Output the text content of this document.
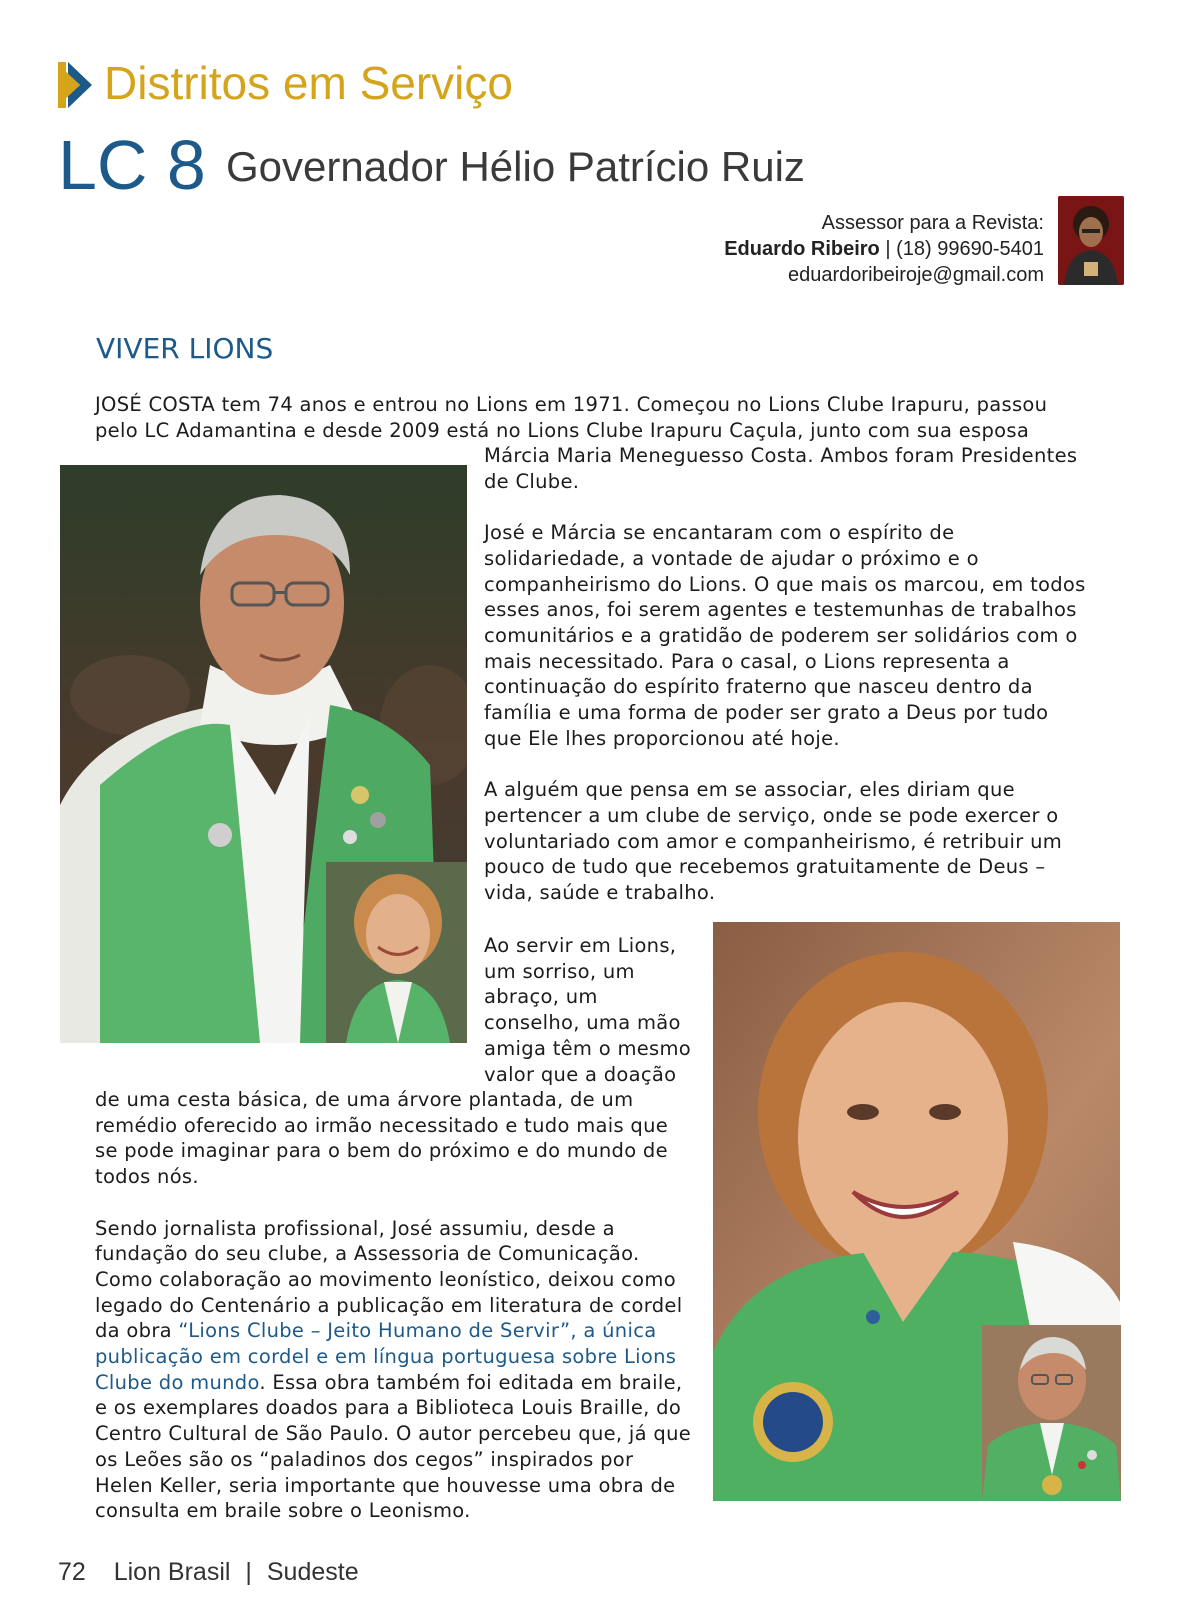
Distritos em Serviço
LC 8 Governador Hélio Patrício Ruiz
Assessor para a Revista:
Eduardo Ribeiro | (18) 99690-5401
eduardoribeiroje@gmail.com
VIVER LIONS
JOSÉ COSTA tem 74 anos e entrou no Lions em 1971. Começou no Lions Clube Irapuru, passou
pelo LC Adamantina e desde 2009 está no Lions Clube Irapuru Caçula, junto com sua esposa

Márcia Maria Meneguesso Costa. Ambos foram Presidentes de Clube.

José e Márcia se encantaram com o espírito de solidariedade, a vontade de ajudar o próximo e o companheirismo do Lions. O que mais os marcou, em todos esses anos, foi serem agentes e testemunhas de trabalhos comunitários e a gratidão de poderem ser solidários com o mais necessitado. Para o casal, o Lions representa a continuação do espírito fraterno que nasceu dentro da família e uma forma de poder ser grato a Deus por tudo que Ele lhes proporcionou até hoje.

A alguém que pensa em se associar, eles diriam que pertencer a um clube de serviço, onde se pode exercer o voluntariado com amor e companheirismo, é retribuir um pouco de tudo que recebemos gratuitamente de Deus – vida, saúde e trabalho.

Ao servir em Lions, um sorriso, um abraço, um conselho, uma mão amiga têm o mesmo valor que a doação

de uma cesta básica, de uma árvore plantada, de um remédio oferecido ao irmão necessitado e tudo mais que se pode imaginar para o bem do próximo e do mundo de todos nós.

Sendo jornalista profissional, José assumiu, desde a fundação do seu clube, a Assessoria de Comunicação. Como colaboração ao movimento leonístico, deixou como legado do Centenário a publicação em literatura de cordel da obra “Lions Clube – Jeito Humano de Servir”, a única publicação em cordel e em língua portuguesa sobre Lions Clube do mundo. Essa obra também foi editada em braile, e os exemplares doados para a Biblioteca Louis Braille, do Centro Cultural de São Paulo. O autor percebeu que, já que os Leões são os “paladinos dos cegos” inspirados por Helen Keller, seria importante que houvesse uma obra de consulta em braile sobre o Leonismo.

72 Lion Brasil | Sudeste
